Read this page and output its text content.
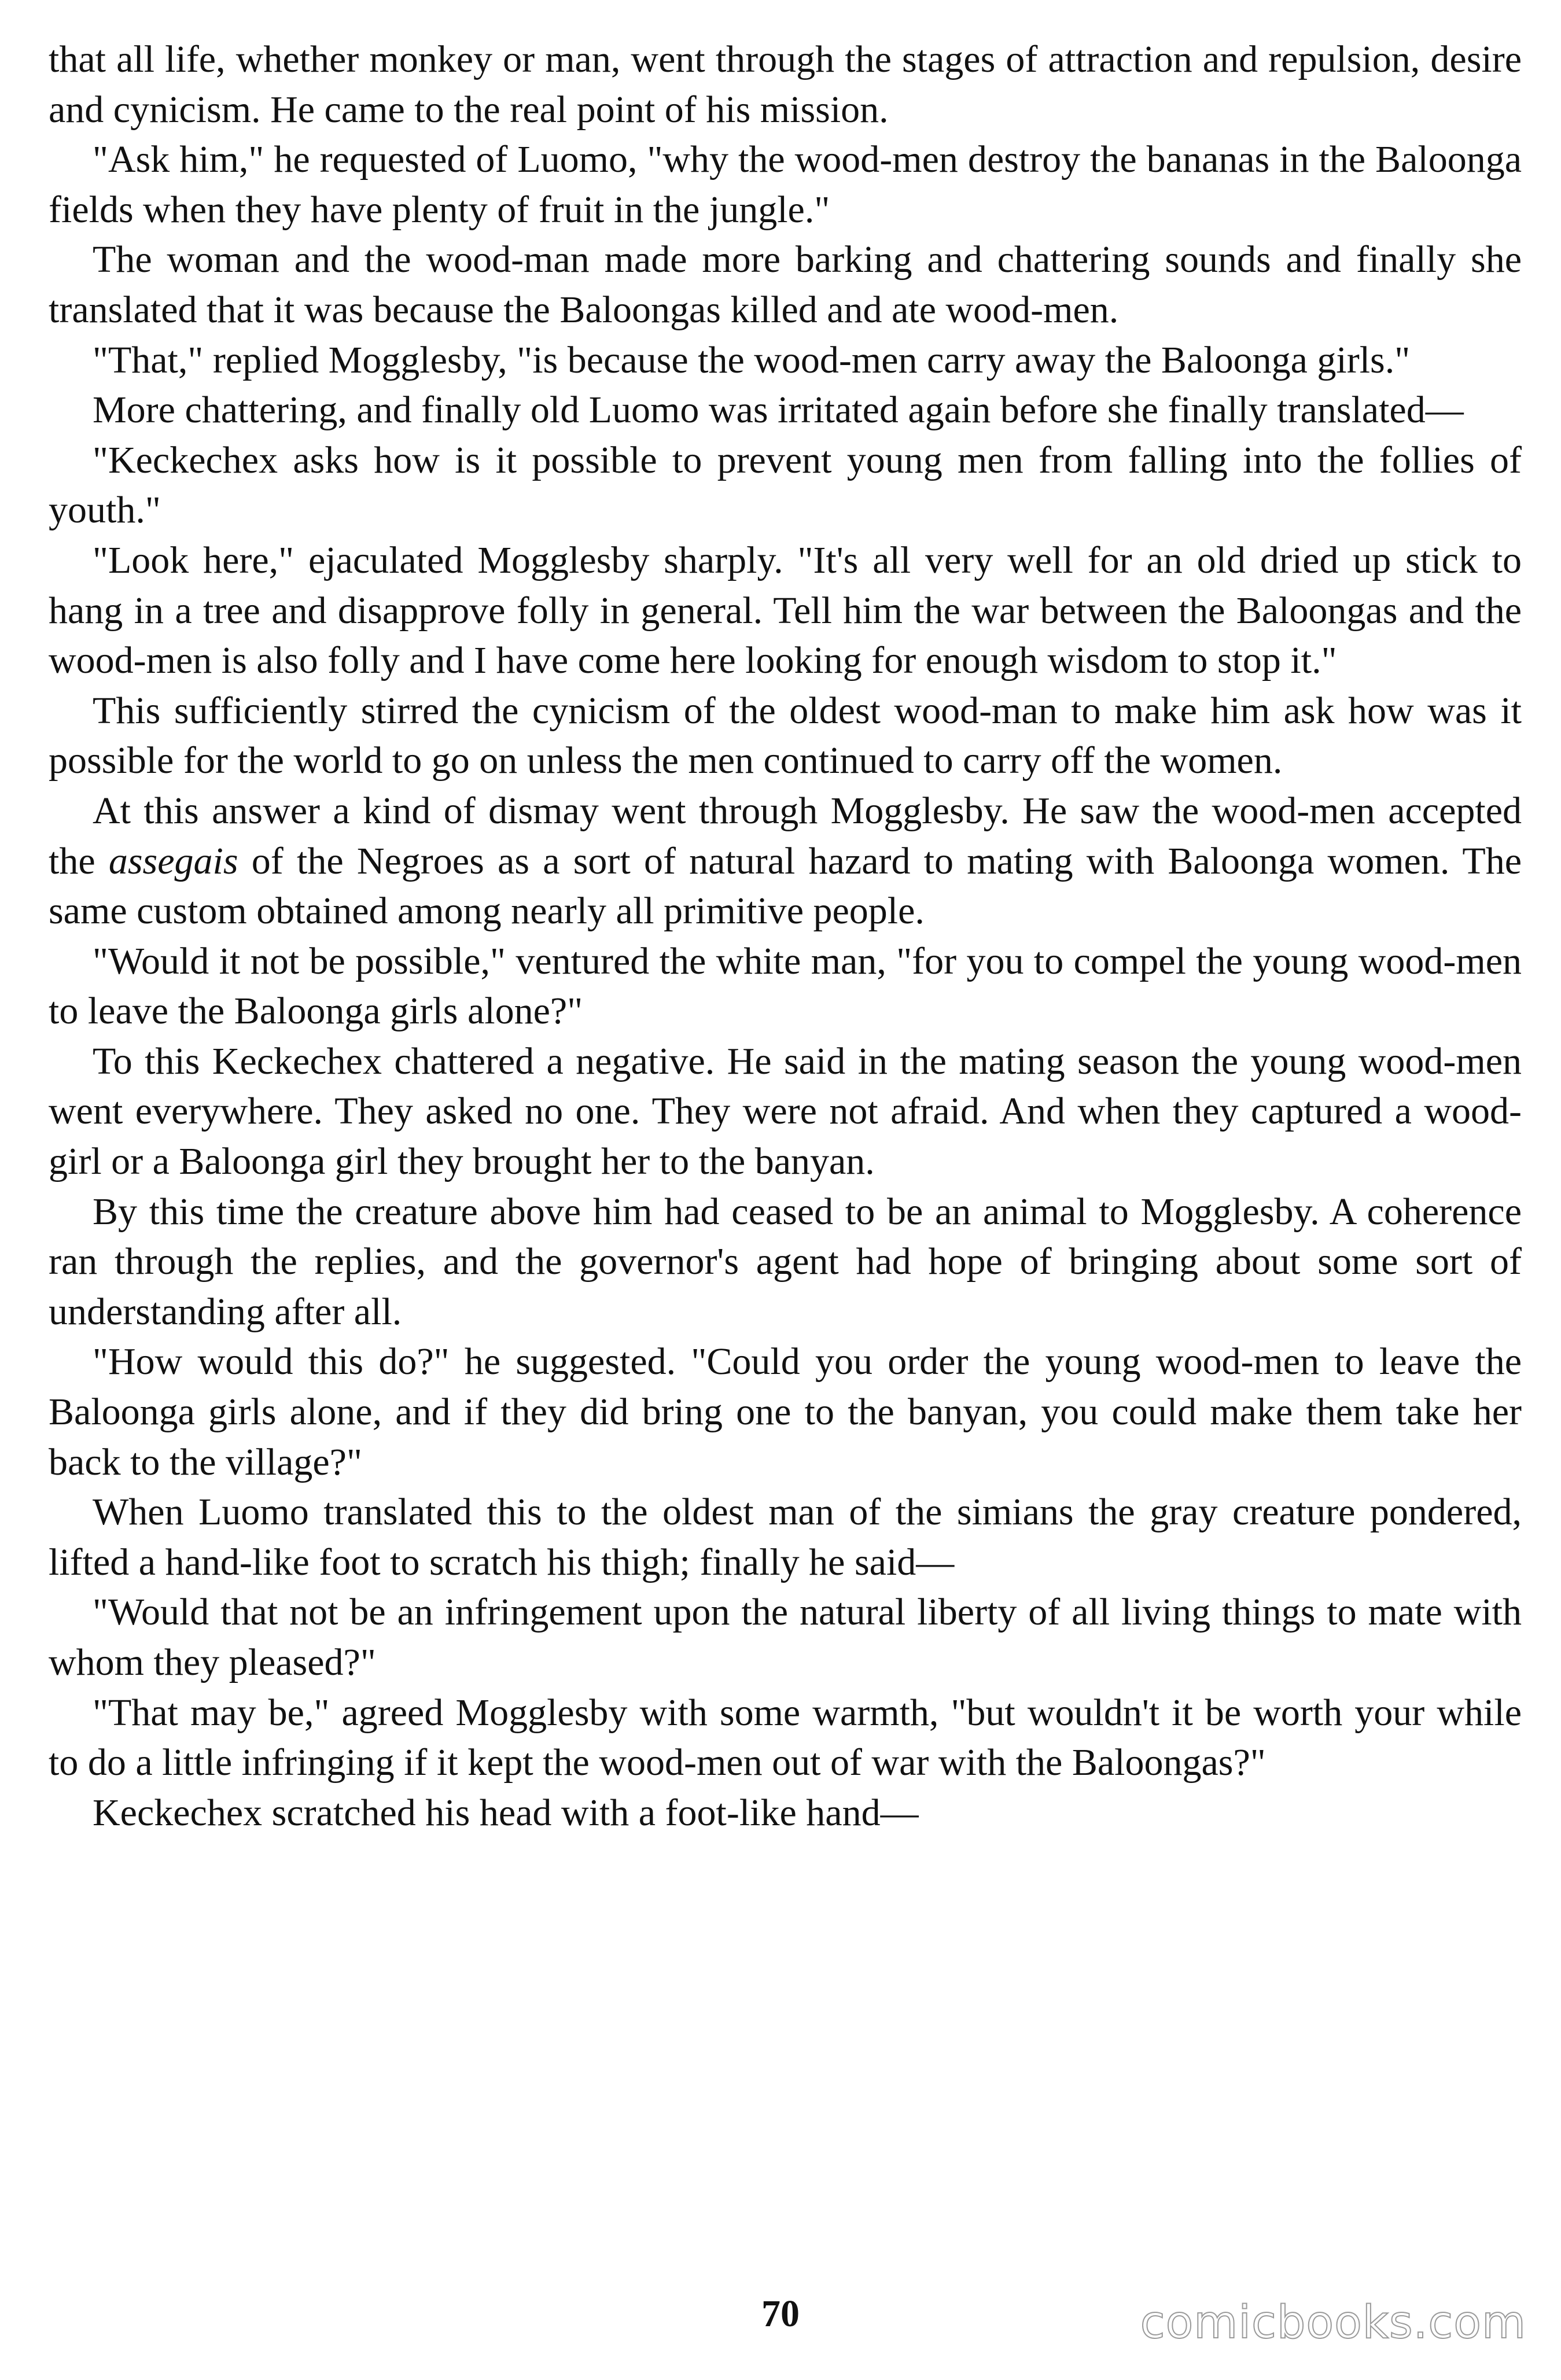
that all life, whether monkey or man, went through the stages of attraction and repulsion, desire and cynicism. He came to the real point of his mission.

"Ask him," he requested of Luomo, "why the wood-men destroy the bananas in the Baloonga fields when they have plenty of fruit in the jungle."

The woman and the wood-man made more barking and chattering sounds and finally she translated that it was because the Baloongas killed and ate wood-men.

"That," replied Mogglesby, "is because the wood-men carry away the Baloonga girls."

More chattering, and finally old Luomo was irritated again before she finally translated—

"Keckechex asks how is it possible to prevent young men from falling into the follies of youth."

"Look here," ejaculated Mogglesby sharply. "It's all very well for an old dried up stick to hang in a tree and disapprove folly in general. Tell him the war between the Baloongas and the wood-men is also folly and I have come here looking for enough wisdom to stop it."

This sufficiently stirred the cynicism of the oldest wood-man to make him ask how was it possible for the world to go on unless the men continued to carry off the women.

At this answer a kind of dismay went through Mogglesby. He saw the wood-men accepted the assegais of the Negroes as a sort of natural hazard to mating with Baloonga women. The same custom obtained among nearly all primitive people.

"Would it not be possible," ventured the white man, "for you to compel the young wood-men to leave the Baloonga girls alone?"

To this Keckechex chattered a negative. He said in the mating season the young wood-men went everywhere. They asked no one. They were not afraid. And when they captured a wood-girl or a Baloonga girl they brought her to the banyan.

By this time the creature above him had ceased to be an animal to Mogglesby. A coherence ran through the replies, and the governor's agent had hope of bringing about some sort of understanding after all.

"How would this do?" he suggested. "Could you order the young wood-men to leave the Baloonga girls alone, and if they did bring one to the banyan, you could make them take her back to the village?"

When Luomo translated this to the oldest man of the simians the gray creature pondered, lifted a hand-like foot to scratch his thigh; finally he said—

"Would that not be an infringement upon the natural liberty of all living things to mate with whom they pleased?"

"That may be," agreed Mogglesby with some warmth, "but wouldn't it be worth your while to do a little infringing if it kept the wood-men out of war with the Baloongas?"

Keckechex scratched his head with a foot-like hand—

70	comicbooks.com
